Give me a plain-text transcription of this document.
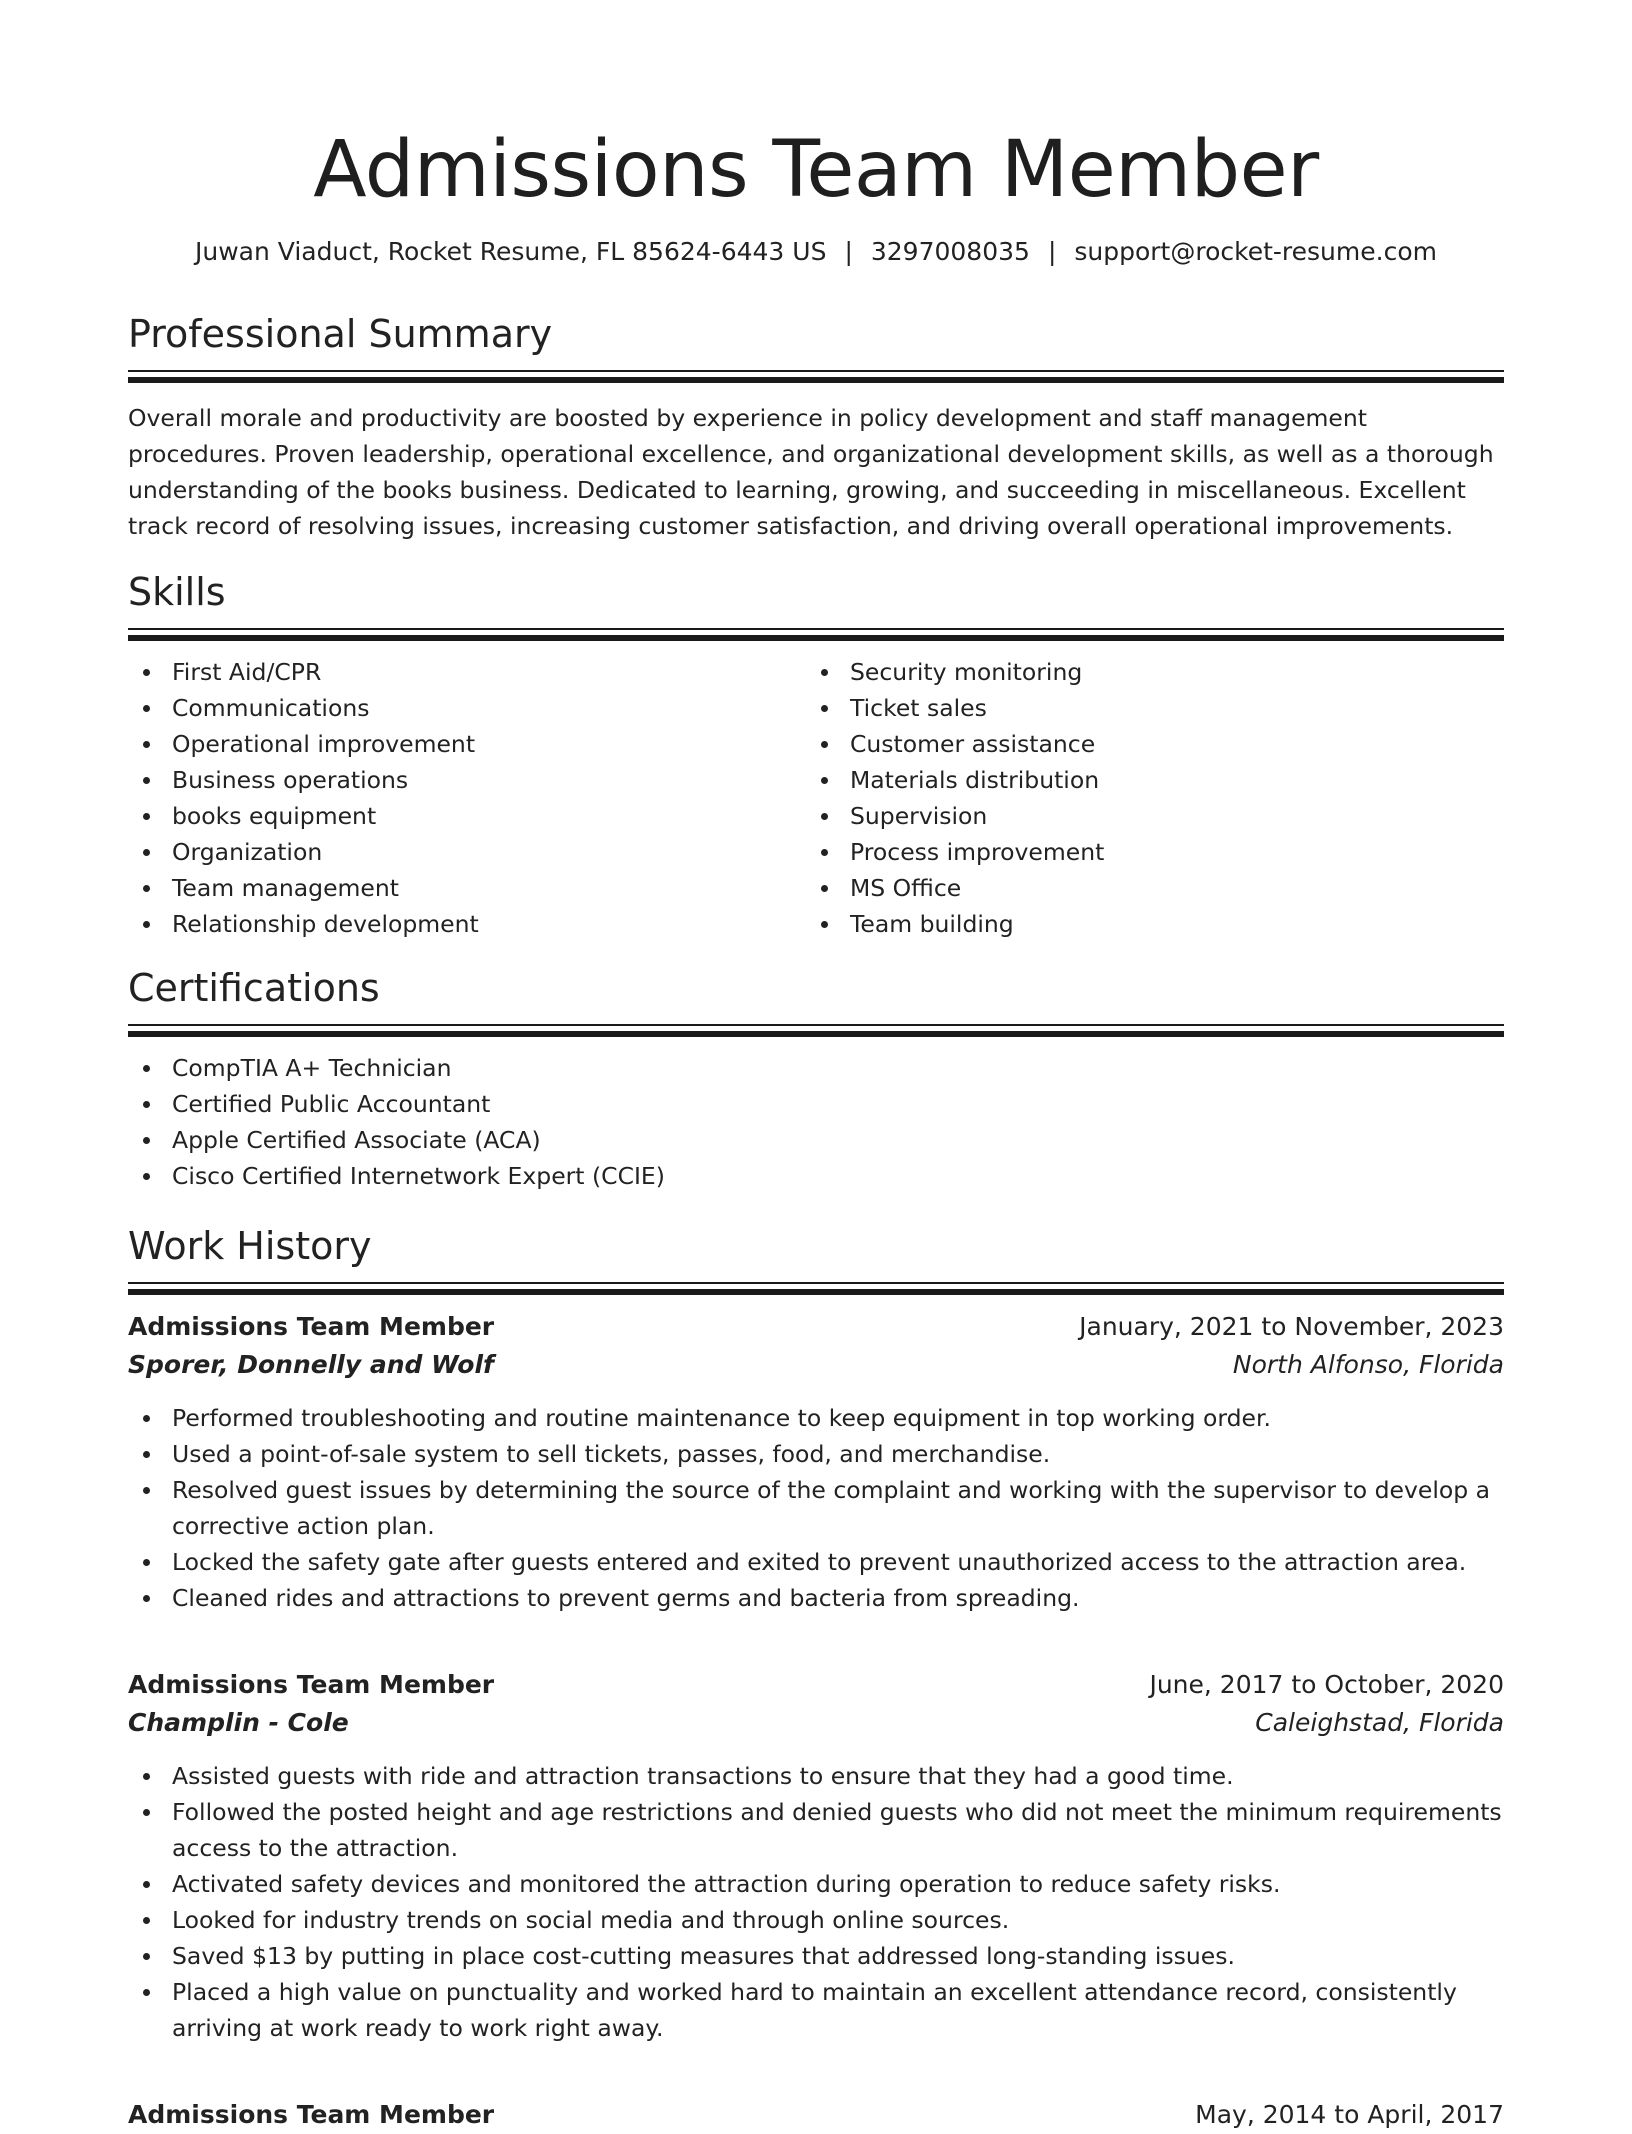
Admissions Team Member
Juwan Viaduct, Rocket Resume, FL 85624-6443 US | 3297008035 | support@rocket-resume.com
Professional Summary

Overall morale and productivity are boosted by experience in policy development and staff management procedures. Proven leadership, operational excellence, and organizational development skills, as well as a thorough understanding of the books business. Dedicated to learning, growing, and succeeding in miscellaneous. Excellent track record of resolving issues, increasing customer satisfaction, and driving overall operational improvements.

Skills
First Aid/CPR
Communications
Operational improvement
Business operations
books equipment
Organization
Team management
Relationship development
Security monitoring
Ticket sales
Customer assistance
Materials distribution
Supervision
Process improvement
MS Office
Team building
Certifications
CompTIA A+ Technician
Certified Public Accountant
Apple Certified Associate (ACA)
Cisco Certified Internetwork Expert (CCIE)
Work History
Admissions Team Member	January, 2021 to November, 2023
Sporer, Donnelly and Wolf	North Alfonso, Florida
Performed troubleshooting and routine maintenance to keep equipment in top working order.
Used a point-of-sale system to sell tickets, passes, food, and merchandise.
Resolved guest issues by determining the source of the complaint and working with the supervisor to develop a corrective action plan.
Locked the safety gate after guests entered and exited to prevent unauthorized access to the attraction area.
Cleaned rides and attractions to prevent germs and bacteria from spreading.
Admissions Team Member	June, 2017 to October, 2020
Champlin - Cole	Caleighstad, Florida
Assisted guests with ride and attraction transactions to ensure that they had a good time.
Followed the posted height and age restrictions and denied guests who did not meet the minimum requirements access to the attraction.
Activated safety devices and monitored the attraction during operation to reduce safety risks.
Looked for industry trends on social media and through online sources.
Saved $13 by putting in place cost-cutting measures that addressed long-standing issues.
Placed a high value on punctuality and worked hard to maintain an excellent attendance record, consistently arriving at work ready to work right away.
Admissions Team Member	May, 2014 to April, 2017
